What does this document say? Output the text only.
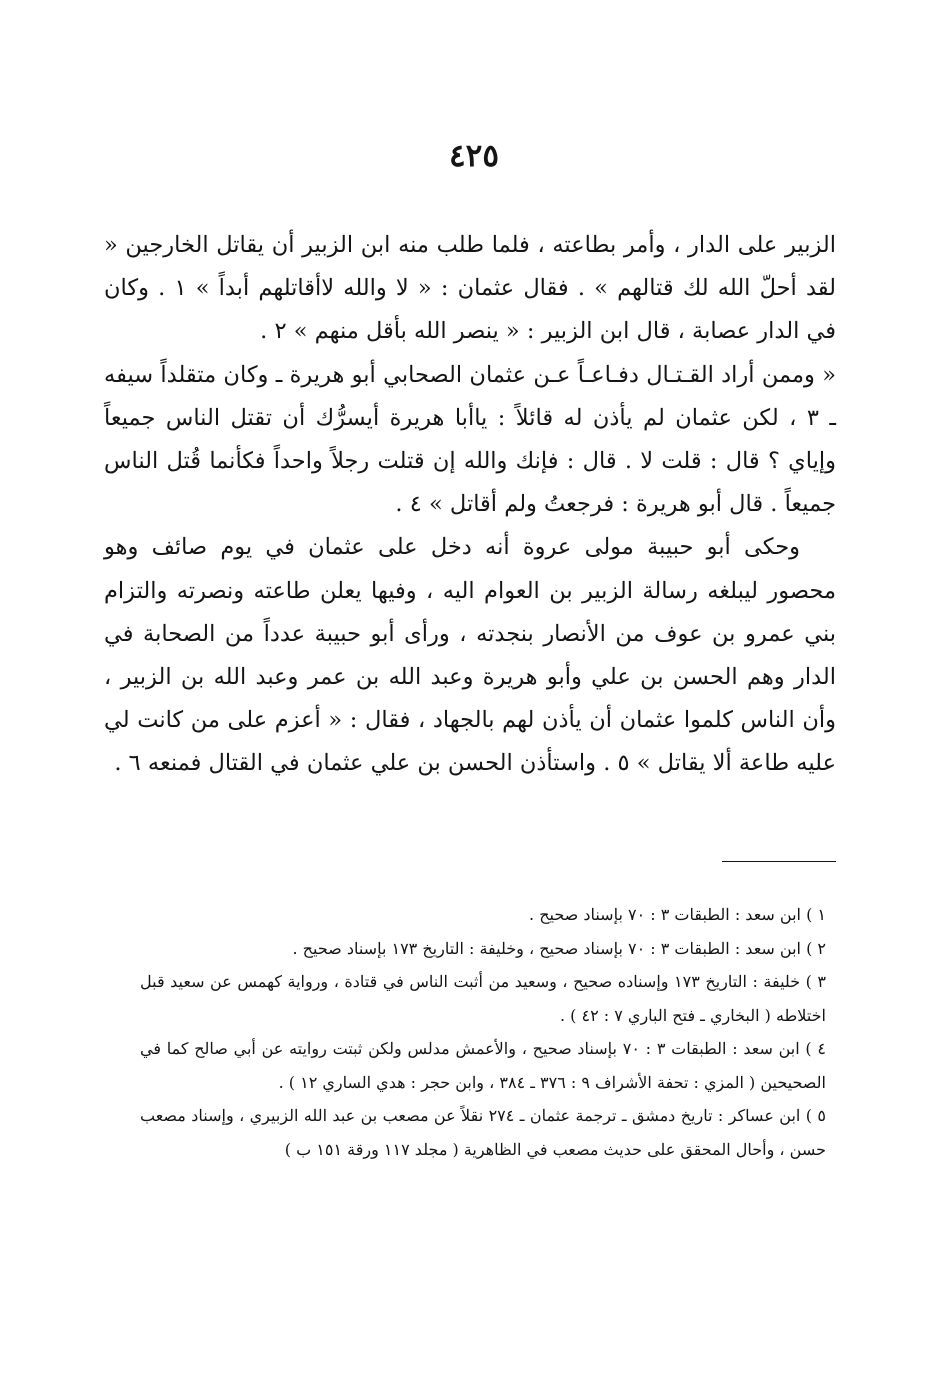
٤٢٥

الزبير على الدار ، وأمر بطاعته ، فلما طلب منه ابن الزبير أن يقاتل الخارجين « لقد أحلّ الله لك قتالهم » . فقال عثمان : « لا والله لاأقاتلهم أبداً » ١ . وكان في الدار عصابة ، قال ابن الزبير : « ينصر الله بأقل منهم » ٢ .

« وممن أراد القـتـال دفـاعـاً عـن عثمان الصحابي أبو هريرة ـ وكان متقلداً سيفه ـ ٣ ، لكن عثمان لم يأذن له قائلاً : ياأبا هريرة أيسرُّك أن تقتل الناس جميعاً وإياي ؟ قال : قلت لا . قال : فإنك والله إن قتلت رجلاً واحداً فكأنما قُتل الناس جميعاً . قال أبو هريرة : فرجعتُ ولم أقاتل » ٤ .

وحكى أبو حبيبة مولى عروة أنه دخل على عثمان في يوم صائف وهو محصور ليبلغه رسالة الزبير بن العوام اليه ، وفيها يعلن طاعته ونصرته والتزام بني عمرو بن عوف من الأنصار بنجدته ، ورأى أبو حبيبة عدداً من الصحابة في الدار وهم الحسن بن علي وأبو هريرة وعبد الله بن عمر وعبد الله بن الزبير ، وأن الناس كلموا عثمان أن يأذن لهم بالجهاد ، فقال : « أعزم على من كانت لي عليه طاعة ألا يقاتل » ٥ . واستأذن الحسن بن علي عثمان في القتال فمنعه ٦ .

١ ) ابن سعد : الطبقات ٣ : ٧٠ بإسناد صحيح .

٢ ) ابن سعد : الطبقات ٣ : ٧٠ بإسناد صحيح ، وخليفة : التاريخ ١٧٣ بإسناد صحيح .

٣ ) خليفة : التاريخ ١٧٣ وإسناده صحيح ، وسعيد من أثبت الناس في قتادة ، ورواية كهمس عن سعيد قبل اختلاطه ( البخاري ـ فتح الباري ٧ : ٤٢ ) .

٤ ) ابن سعد : الطبقات ٣ : ٧٠ بإسناد صحيح ، والأعمش مدلس ولكن ثبتت روايته عن أبي صالح كما في الصحيحين ( المزي : تحفة الأشراف ٩ : ٣٧٦ ـ ٣٨٤ ، وابن حجر : هدي الساري ١٢ ) .

٥ ) ابن عساكر : تاريخ دمشق ـ ترجمة عثمان ـ ٢٧٤ نقلاً عن مصعب بن عبد الله الزبيري ، وإسناد مصعب حسن ، وأحال المحقق على حديث مصعب في الظاهرية ( مجلد ١١٧ ورقة ١٥١ ب )
